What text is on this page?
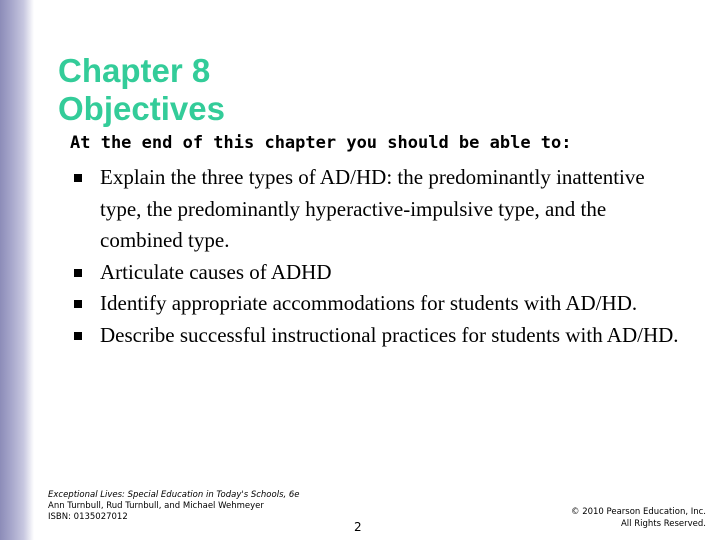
Chapter 8
Objectives
At the end of this chapter you should be able to:
Explain the three types of AD/HD: the predominantly inattentive type, the predominantly hyperactive-impulsive type, and the combined type.
Articulate causes of ADHD
Identify appropriate accommodations for students with AD/HD.
Describe successful instructional practices for students with AD/HD.
Exceptional Lives: Special Education in Today's Schools, 6e
Ann Turnbull, Rud Turnbull, and Michael Wehmeyer
ISBN: 0135027012
2
© 2010 Pearson Education, Inc.
All Rights Reserved.
